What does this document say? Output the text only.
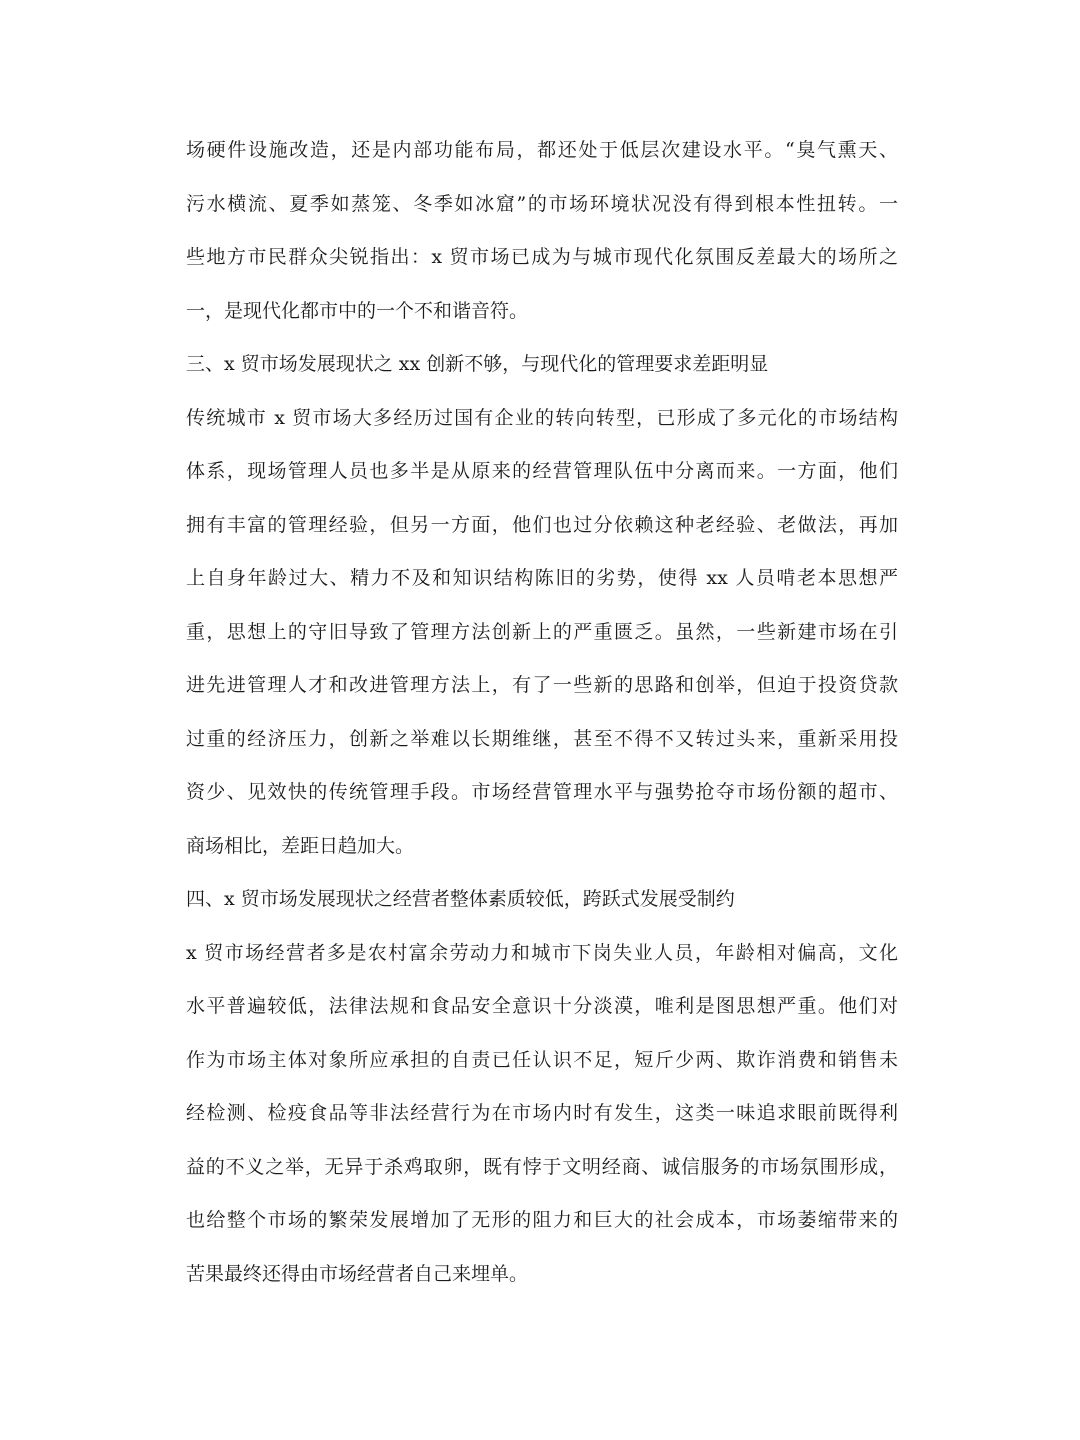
场硬件设施改造，还是内部功能布局，都还处于低层次建设水平。“臭气熏天、
污水横流、夏季如蒸笼、冬季如冰窟”的市场环境状况没有得到根本性扭转。一
些地方市民群众尖锐指出：x 贸市场已成为与城市现代化氛围反差最大的场所之
一，是现代化都市中的一个不和谐音符。
三、x 贸市场发展现状之 xx 创新不够，与现代化的管理要求差距明显
传统城市 x 贸市场大多经历过国有企业的转向转型，已形成了多元化的市场结构
体系，现场管理人员也多半是从原来的经营管理队伍中分离而来。一方面，他们
拥有丰富的管理经验，但另一方面，他们也过分依赖这种老经验、老做法，再加
上自身年龄过大、精力不及和知识结构陈旧的劣势，使得 xx 人员啃老本思想严
重，思想上的守旧导致了管理方法创新上的严重匮乏。虽然，一些新建市场在引
进先进管理人才和改进管理方法上，有了一些新的思路和创举，但迫于投资贷款
过重的经济压力，创新之举难以长期维继，甚至不得不又转过头来，重新采用投
资少、见效快的传统管理手段。市场经营管理水平与强势抢夺市场份额的超市、
商场相比，差距日趋加大。
四、x 贸市场发展现状之经营者整体素质较低，跨跃式发展受制约
x 贸市场经营者多是农村富余劳动力和城市下岗失业人员，年龄相对偏高，文化
水平普遍较低，法律法规和食品安全意识十分淡漠，唯利是图思想严重。他们对
作为市场主体对象所应承担的自责已任认识不足，短斤少两、欺诈消费和销售未
经检测、检疫食品等非法经营行为在市场内时有发生，这类一味追求眼前既得利
益的不义之举，无异于杀鸡取卵，既有悖于文明经商、诚信服务的市场氛围形成，
也给整个市场的繁荣发展增加了无形的阻力和巨大的社会成本，市场萎缩带来的
苦果最终还得由市场经营者自己来埋单。
